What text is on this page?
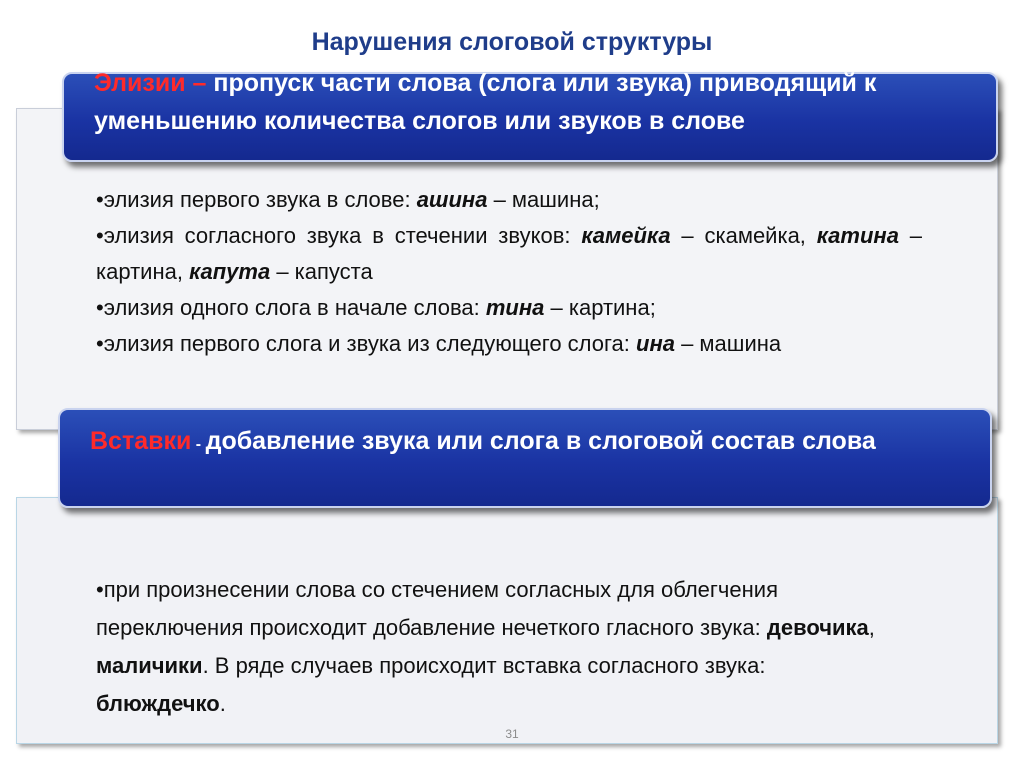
Нарушения слоговой структуры
Элизии – пропуск части слова (слога или звука) приводящий к уменьшению количества слогов или звуков в слове
•элизия первого звука в слове: ашина – машина;
•элизия согласного звука в стечении звуков: камейка – скамейка, катина – картина, капута – капуста
•элизия одного слога в начале слова: тина – картина;
•элизия первого слога и звука из следующего слога: ина – машина
Вставки - добавление звука или слога в слоговой состав слова
•при произнесении слова со стечением согласных для облегчения переключения происходит добавление нечеткого гласного звука: девочика, маличики. В ряде случаев происходит вставка согласного звука: блюждечко.
31
